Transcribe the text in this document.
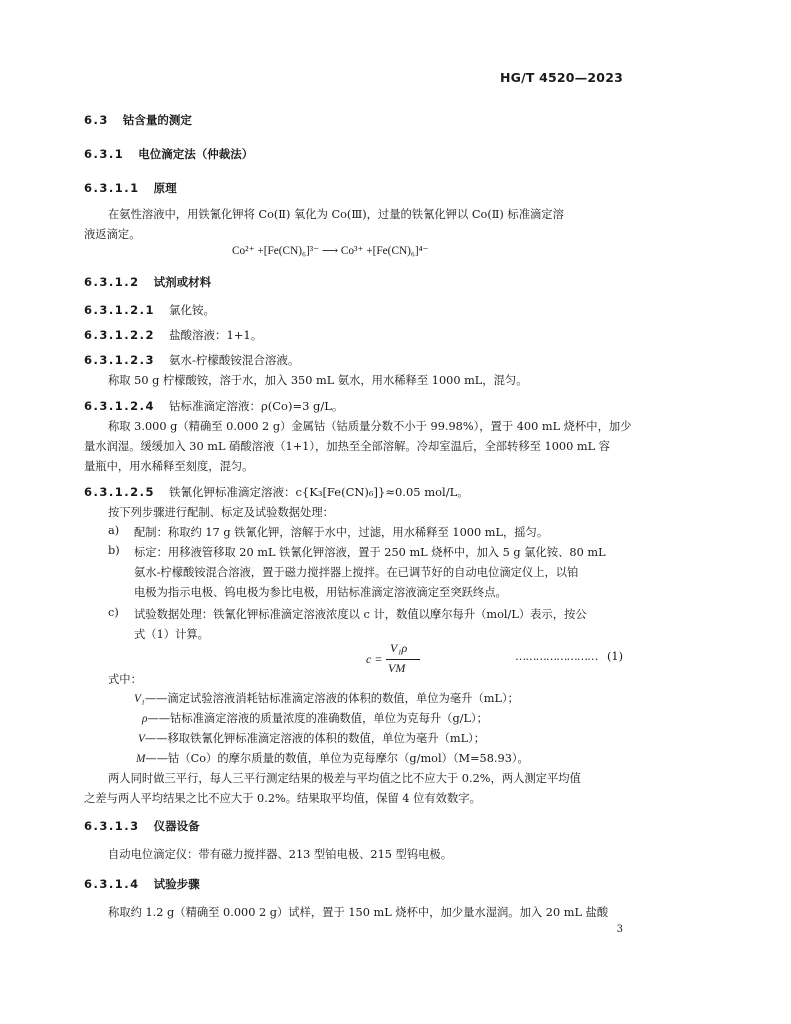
HG/T 4520—2023
6.3 钴含量的测定
6.3.1 电位滴定法（仲裁法）
6.3.1.1 原理
在氨性溶液中，用铁氰化钾将 Co(Ⅱ) 氧化为 Co(Ⅲ)，过量的铁氰化钾以 Co(Ⅱ) 标准滴定溶
液返滴定。
Co²⁺ +[Fe(CN)₆]³⁻ ⟶ Co³⁺ +[Fe(CN)₆]⁴⁻
6.3.1.2 试剂或材料
6.3.1.2.1 氯化铵。
6.3.1.2.2 盐酸溶液：1+1。
6.3.1.2.3 氨水-柠檬酸铵混合溶液。
称取 50 g 柠檬酸铵，溶于水，加入 350 mL 氨水，用水稀释至 1000 mL，混匀。
6.3.1.2.4 钴标准滴定溶液：ρ(Co)=3 g/L。
称取 3.000 g（精确至 0.000 2 g）金属钴（钴质量分数不小于 99.98%），置于 400 mL 烧杯中，加少
量水润湿。缓缓加入 30 mL 硝酸溶液（1+1），加热至全部溶解。冷却室温后，全部转移至 1000 mL 容
量瓶中，用水稀释至刻度，混匀。
6.3.1.2.5 铁氰化钾标准滴定溶液：c{K₃[Fe(CN)₆]}≈0.05 mol/L。
按下列步骤进行配制、标定及试验数据处理：
a) 配制：称取约 17 g 铁氰化钾，溶解于水中，过滤，用水稀释至 1000 mL，摇匀。
b) 标定：用移液管移取 20 mL 铁氰化钾溶液，置于 250 mL 烧杯中，加入 5 g 氯化铵、80 mL
氨水-柠檬酸铵混合溶液，置于磁力搅拌器上搅拌。在已调节好的自动电位滴定仪上，以铂
电极为指示电极、钨电极为参比电极，用钴标准滴定溶液滴定至突跃终点。
c) 试验数据处理：铁氰化钾标准滴定溶液浓度以 c 计，数值以摩尔每升（mol/L）表示，按公
式（1）计算。
c =
V₁ρ
VM
…………………… (1)
式中：
V₁——滴定试验溶液消耗钴标准滴定溶液的体积的数值，单位为毫升（mL）；
ρ——钴标准滴定溶液的质量浓度的准确数值，单位为克每升（g/L）；
V——移取铁氰化钾标准滴定溶液的体积的数值，单位为毫升（mL）；
M——钴（Co）的摩尔质量的数值，单位为克每摩尔（g/mol）（M=58.93）。
两人同时做三平行，每人三平行测定结果的极差与平均值之比不应大于 0.2%，两人测定平均值
之差与两人平均结果之比不应大于 0.2%。结果取平均值，保留 4 位有效数字。
6.3.1.3 仪器设备
自动电位滴定仪：带有磁力搅拌器、213 型铂电极、215 型钨电极。
6.3.1.4 试验步骤
称取约 1.2 g（精确至 0.000 2 g）试样，置于 150 mL 烧杯中，加少量水湿润。加入 20 mL 盐酸
3
